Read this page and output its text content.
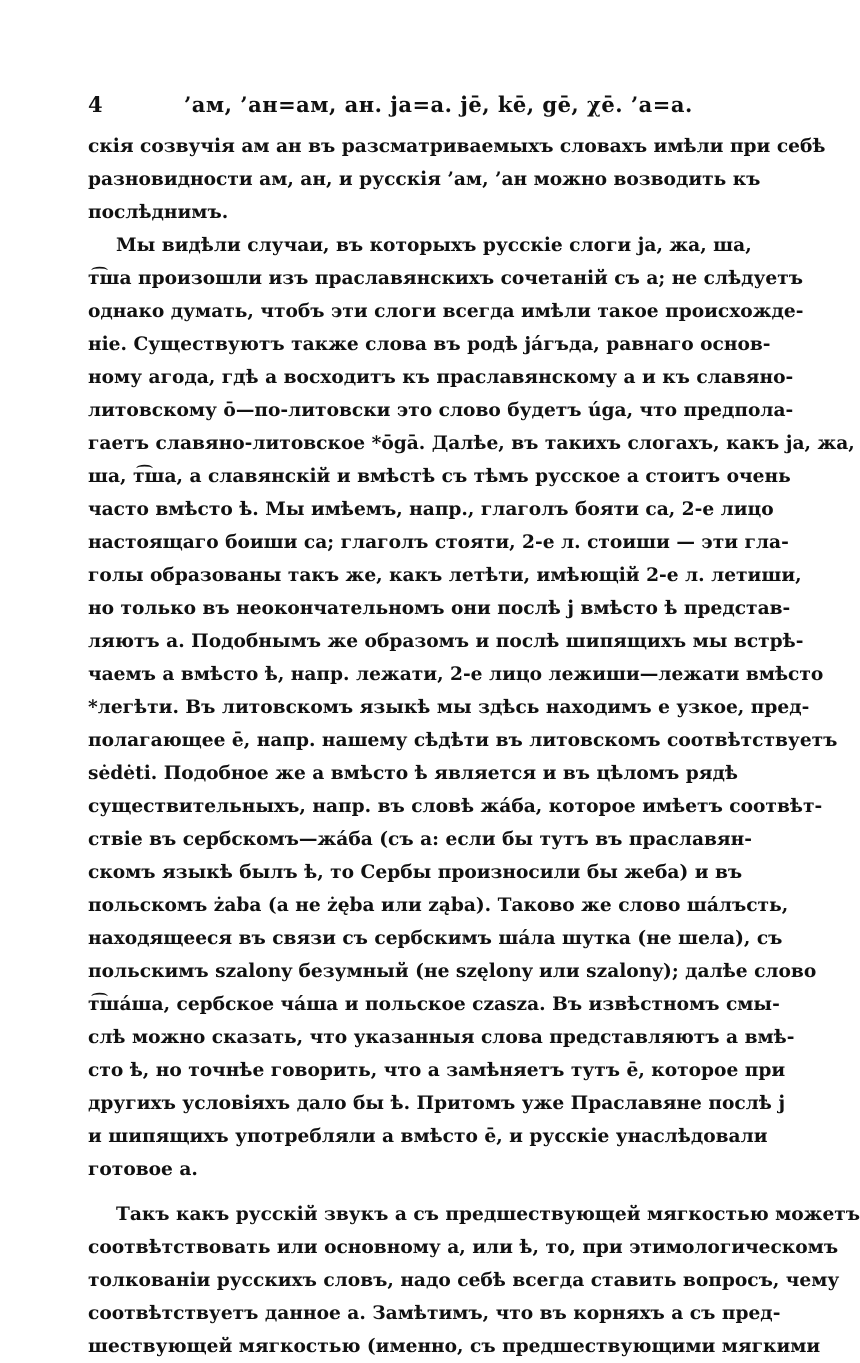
4	’ам, ’ан=ам, ан. ja=а. jē, kē, gē, χē. ’а=а.
скія созвучія ам ан въ разсматриваемыхъ словахъ имѣли при себѣ
разновидности ам, ан, и русскія ’ам, ’ан можно возводить къ
послѣднимъ.
Мы видѣли случаи, въ которыхъ русскіе слоги ja, жа, ша,
т͡ша произошли изъ праславянскихъ сочетаній съ а; не слѣдуетъ
однако думать, чтобъ эти слоги всегда имѣли такое происхожде-
ніе. Существуютъ также слова въ родѣ јáгъда, равнаго основ-
ному агода, гдѣ а восходитъ къ праславянскому а и къ славяно-
литовскому ō—по-литовски это слово будетъ úga, что предпола-
гаетъ славяно-литовское *ōgā. Далѣе, въ такихъ слогахъ, какъ ja, жа,
ша, т͡ша, а славянскій и вмѣстѣ съ тѣмъ русское а стоитъ очень
часто вмѣсто ѣ. Мы имѣемъ, напр., глаголъ бояти са, 2-е лицо
настоящаго боиши са; глаголъ стояти, 2-е л. стоиши — эти гла-
голы образованы такъ же, какъ летѣти, имѣющій 2-е л. летиши,
но только въ неокончательномъ они послѣ j вмѣсто ѣ представ-
ляютъ а. Подобнымъ же образомъ и послѣ шипящихъ мы встрѣ-
чаемъ а вмѣсто ѣ, напр. лежати, 2-е лицо лежиши—лежати вмѣсто
*легѣти. Въ литовскомъ языкѣ мы здѣсь находимъ e узкое, пред-
полагающее ē, напр. нашему сѣдѣти въ литовскомъ соотвѣтствуетъ
sėdėti. Подобное же а вмѣсто ѣ является и въ цѣломъ рядѣ
существительныхъ, напр. въ словѣ жáба, которое имѣетъ соотвѣт-
ствіе въ сербскомъ—жáба (съ а: если бы тутъ въ праславян-
скомъ языкѣ былъ ѣ, то Сербы произносили бы жеба) и въ
польскомъ żaba (а не żęba или ząba). Таково же слово шáлъсть,
находящееся въ связи съ сербскимъ шáла шутка (не шела), съ
польскимъ szalony безумный (не szęlony или szalony); далѣе слово
т͡шáша, сербское чáша и польское czasza. Въ извѣстномъ смы-
слѣ можно сказать, что указанныя слова представляютъ а вмѣ-
сто ѣ, но точнѣе говорить, что а замѣняетъ тутъ ē, которое при
другихъ условіяхъ дало бы ѣ. Притомъ уже Праславяне послѣ j
и шипящихъ употребляли а вмѣсто ē, и русскіе унаслѣдовали
готовое а.
Такъ какъ русскій звукъ а съ предшествующей мягкостью можетъ
соотвѣтствовать или основному а, или ѣ, то, при этимологическомъ
толкованіи русскихъ словъ, надо себѣ всегда ставить вопросъ, чему
соотвѣтствуетъ данное а. Замѣтимъ, что въ корняхъ а съ пред-
шествующей мягкостью (именно, съ предшествующими мягкими
